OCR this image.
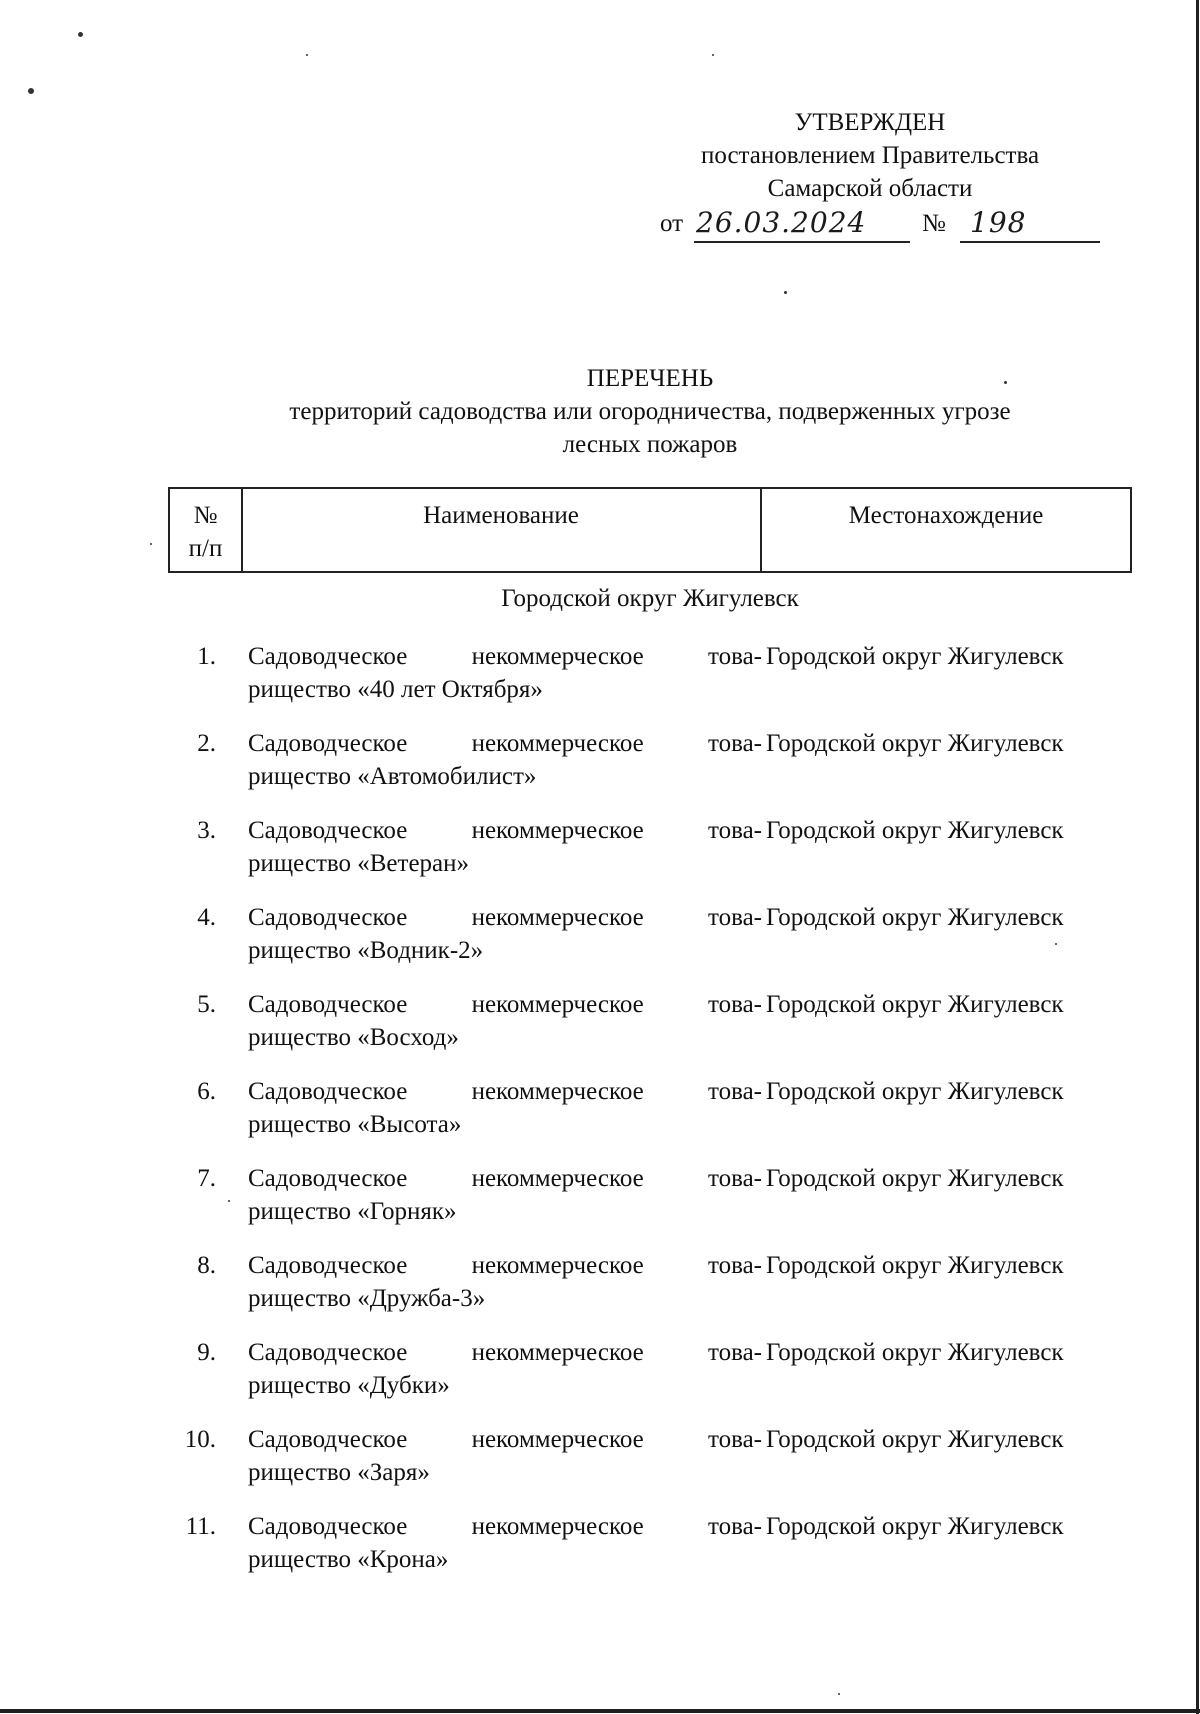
УТВЕРЖДЕН
постановлением Правительства
Самарской области
от 26.03.2024 № 198
ПЕРЕЧЕНЬ
территорий садоводства или огородничества, подверженных угрозе
лесных пожаров
№
п/п
Наименование	Местонахождение
Городской округ Жигулевск
1. Садоводческое некоммерческое това-
рищество «40 лет Октября»
Городской округ Жигулевск
2. Садоводческое некоммерческое това-
рищество «Автомобилист»
Городской округ Жигулевск
3. Садоводческое некоммерческое това-
рищество «Ветеран»
Городской округ Жигулевск
4. Садоводческое некоммерческое това-
рищество «Водник-2»
Городской округ Жигулевск
5. Садоводческое некоммерческое това-
рищество «Восход»
Городской округ Жигулевск
6. Садоводческое некоммерческое това-
рищество «Высота»
Городской округ Жигулевск
7. Садоводческое некоммерческое това-
рищество «Горняк»
Городской округ Жигулевск
8. Садоводческое некоммерческое това-
рищество «Дружба-3»
Городской округ Жигулевск
9. Садоводческое некоммерческое това-
рищество «Дубки»
Городской округ Жигулевск
10. Садоводческое некоммерческое това-
рищество «Заря»
Городской округ Жигулевск
11. Садоводческое некоммерческое това-
рищество «Крона»
Городской округ Жигулевск
